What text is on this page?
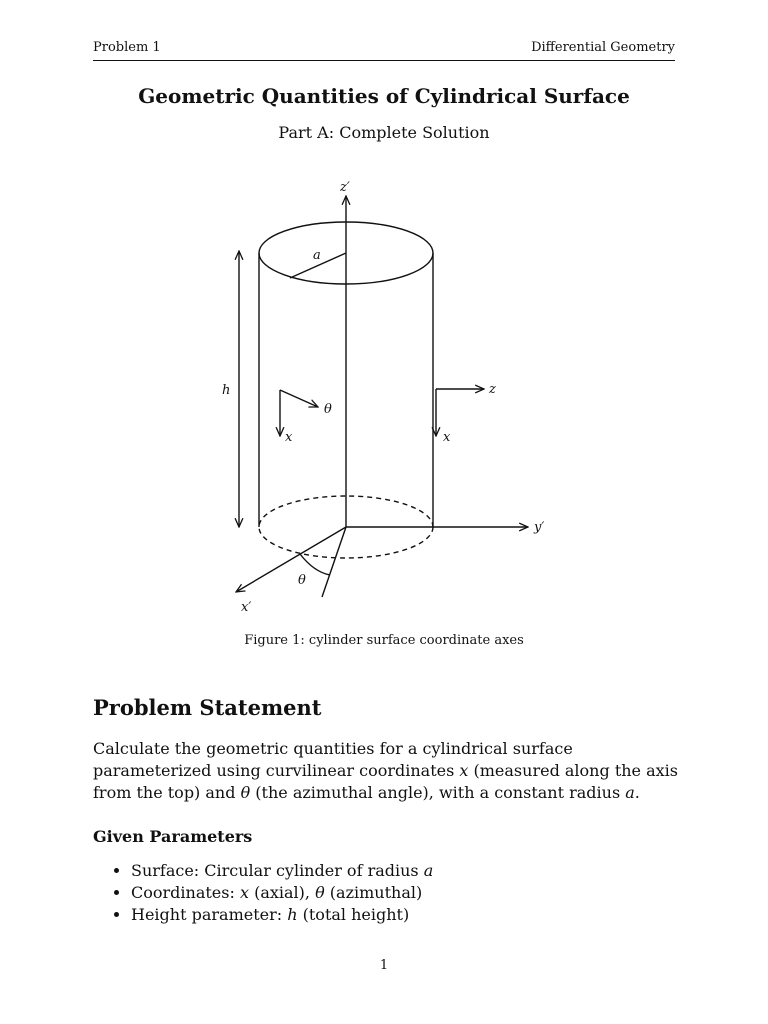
Problem 1	Differential Geometry
Geometric Quantities of Cylindrical Surface
Part A: Complete Solution
z′
y′
x′
a
h
θ
x
z
x
θ
Figure 1: cylinder surface coordinate axes
Problem Statement

Calculate the geometric quantities for a cylindrical surface parameterized using curvilinear coordinates x (measured along the axis from the top) and θ (the azimuthal angle), with a constant radius a.

Given Parameters
• Surface: Circular cylinder of radius a
• Coordinates: x (axial), θ (azimuthal)
• Height parameter: h (total height)
1
